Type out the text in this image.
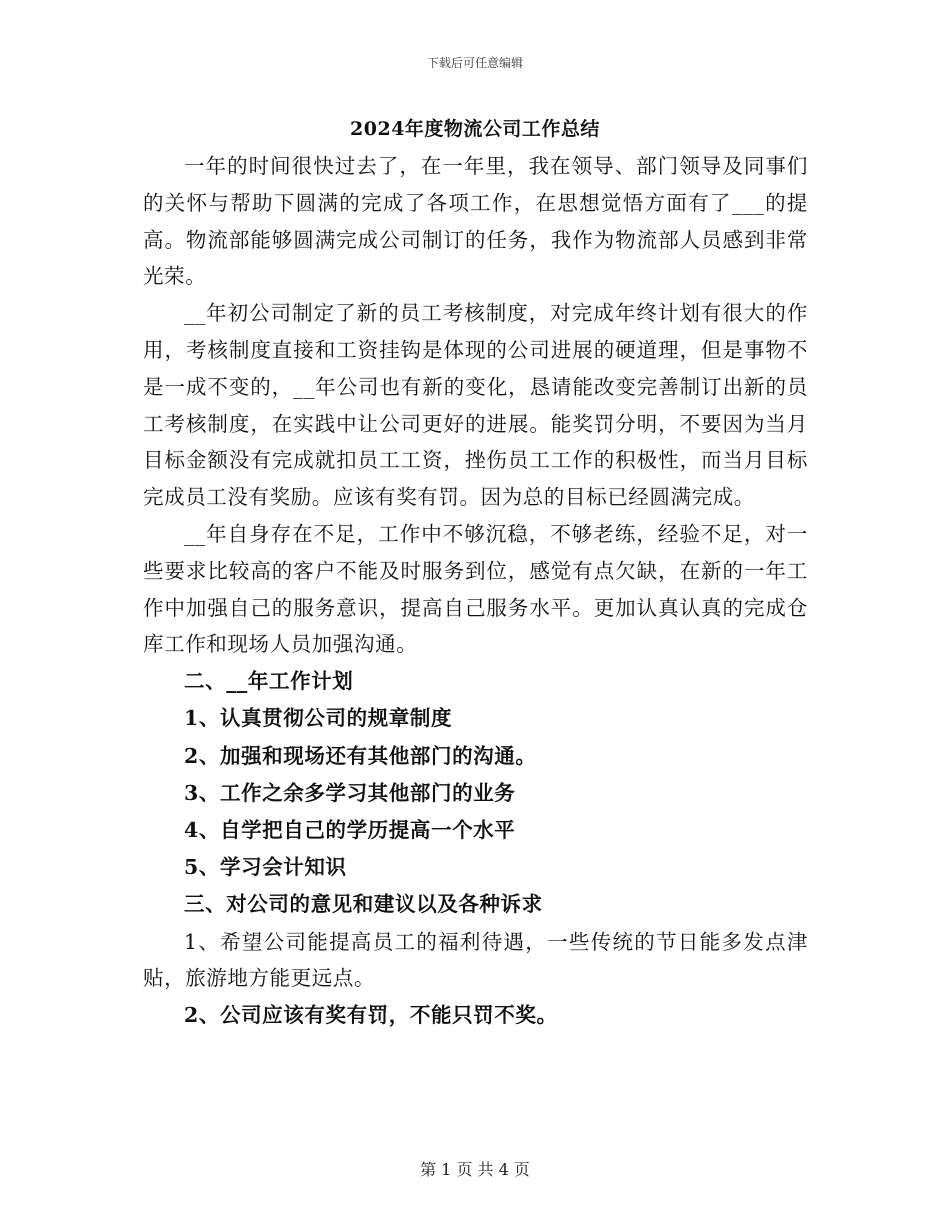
下载后可任意编辑
2024年度物流公司工作总结

一年的时间很快过去了，在一年里，我在领导、部门领导及同事们的关怀与帮助下圆满的完成了各项工作，在思想觉悟方面有了___的提高。物流部能够圆满完成公司制订的任务，我作为物流部人员感到非常光荣。

__年初公司制定了新的员工考核制度，对完成年终计划有很大的作用，考核制度直接和工资挂钩是体现的公司进展的硬道理，但是事物不是一成不变的，__年公司也有新的变化，恳请能改变完善制订出新的员工考核制度，在实践中让公司更好的进展。能奖罚分明，不要因为当月目标金额没有完成就扣员工工资，挫伤员工工作的积极性，而当月目标完成员工没有奖励。应该有奖有罚。因为总的目标已经圆满完成。

__年自身存在不足，工作中不够沉稳，不够老练，经验不足，对一些要求比较高的客户不能及时服务到位，感觉有点欠缺，在新的一年工作中加强自己的服务意识，提高自己服务水平。更加认真认真的完成仓库工作和现场人员加强沟通。

二、__年工作计划

1、认真贯彻公司的规章制度

2、加强和现场还有其他部门的沟通。

3、工作之余多学习其他部门的业务

4、自学把自己的学历提高一个水平

5、学习会计知识

三、对公司的意见和建议以及各种诉求

1、希望公司能提高员工的福利待遇，一些传统的节日能多发点津贴，旅游地方能更远点。

2、公司应该有奖有罚，不能只罚不奖。

第 1 页 共 4 页
